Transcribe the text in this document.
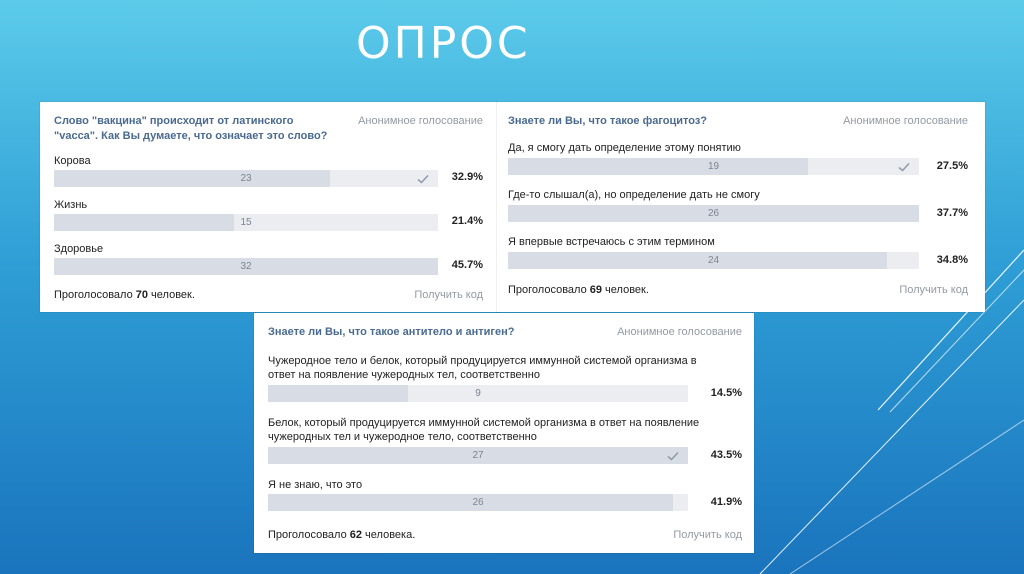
ОПРОС
Слово "вакцина" происходит от латинского "vacca". Как Вы думаете, что означает это слово?
Анонимное голосование
Корова
23	32.9%
Жизнь
15	21.4%
Здоровье
32	45.7%
Проголосовало 70 человек.	Получить код
Знаете ли Вы, что такое фагоцитоз?	Анонимное голосование
Да, я смогу дать определение этому понятию
19	27.5%
Где-то слышал(а), но определение дать не смогу
26	37.7%
Я впервые встречаюсь с этим термином
24	34.8%
Проголосовало 69 человек.	Получить код
Знаете ли Вы, что такое антитело и антиген?	Анонимное голосование
Чужеродное тело и белок, который продуцируется иммунной системой организма в ответ на появление чужеродных тел, соответственно
9	14.5%
Белок, который продуцируется иммунной системой организма в ответ на появление чужеродных тел и чужеродное тело, соответственно
27	43.5%
Я не знаю, что это
26	41.9%
Проголосовало 62 человека.	Получить код
